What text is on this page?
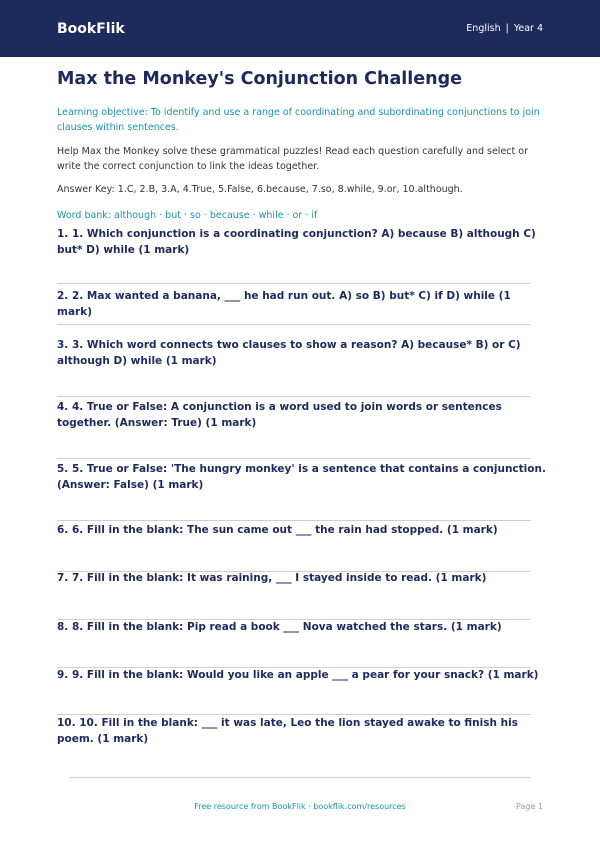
BookFlik	English | Year 4
Max the Monkey's Conjunction Challenge
Learning objective: To identify and use a range of coordinating and subordinating conjunctions to join clauses within sentences.
Help Max the Monkey solve these grammatical puzzles! Read each question carefully and select or write the correct conjunction to link the ideas together.
Answer Key: 1.C, 2.B, 3.A, 4.True, 5.False, 6.because, 7.so, 8.while, 9.or, 10.although.
Word bank: although · but · so · because · while · or · if
1. 1. Which conjunction is a coordinating conjunction? A) because B) although C) but* D) while (1 mark)
2. 2. Max wanted a banana, ___ he had run out. A) so B) but* C) if D) while (1 mark)
3. 3. Which word connects two clauses to show a reason? A) because* B) or C) although D) while (1 mark)
4. 4. True or False: A conjunction is a word used to join words or sentences together. (Answer: True) (1 mark)
5. 5. True or False: 'The hungry monkey' is a sentence that contains a conjunction. (Answer: False) (1 mark)
6. 6. Fill in the blank: The sun came out ___ the rain had stopped. (1 mark)
7. 7. Fill in the blank: It was raining, ___ I stayed inside to read. (1 mark)
8. 8. Fill in the blank: Pip read a book ___ Nova watched the stars. (1 mark)
9. 9. Fill in the blank: Would you like an apple ___ a pear for your snack? (1 mark)
10. 10. Fill in the blank: ___ it was late, Leo the lion stayed awake to finish his poem. (1 mark)
Free resource from BookFlik · bookflik.com/resources	Page 1
